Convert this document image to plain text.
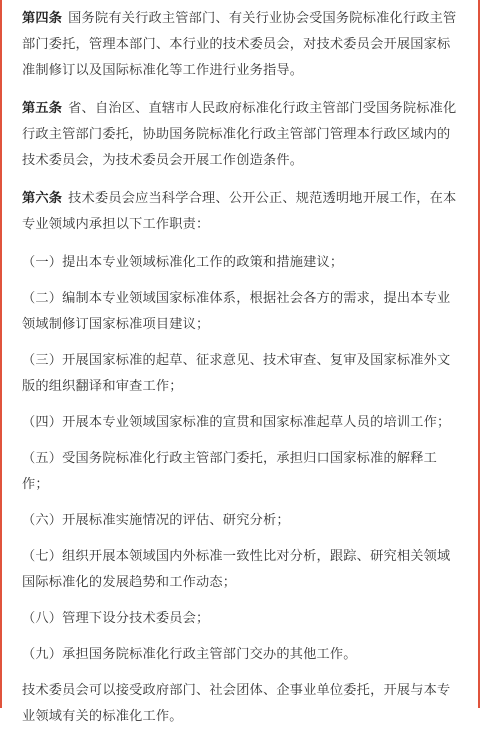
第四条 国务院有关行政主管部门、有关行业协会受国务院标准化行政主管部门委托，管理本部门、本行业的技术委员会，对技术委员会开展国家标准制修订以及国际标准化等工作进行业务指导。

第五条 省、自治区、直辖市人民政府标准化行政主管部门受国务院标准化行政主管部门委托，协助国务院标准化行政主管部门管理本行政区域内的技术委员会，为技术委员会开展工作创造条件。

第六条 技术委员会应当科学合理、公开公正、规范透明地开展工作，在本专业领域内承担以下工作职责：

（一）提出本专业领域标准化工作的政策和措施建议；

（二）编制本专业领域国家标准体系，根据社会各方的需求，提出本专业领域制修订国家标准项目建议；

（三）开展国家标准的起草、征求意见、技术审查、复审及国家标准外文版的组织翻译和审查工作；

（四）开展本专业领域国家标准的宣贯和国家标准起草人员的培训工作；

（五）受国务院标准化行政主管部门委托，承担归口国家标准的解释工作；

（六）开展标准实施情况的评估、研究分析；

（七）组织开展本领域国内外标准一致性比对分析，跟踪、研究相关领域国际标准化的发展趋势和工作动态；

（八）管理下设分技术委员会；

（九）承担国务院标准化行政主管部门交办的其他工作。

技术委员会可以接受政府部门、社会团体、企事业单位委托，开展与本专业领域有关的标准化工作。
